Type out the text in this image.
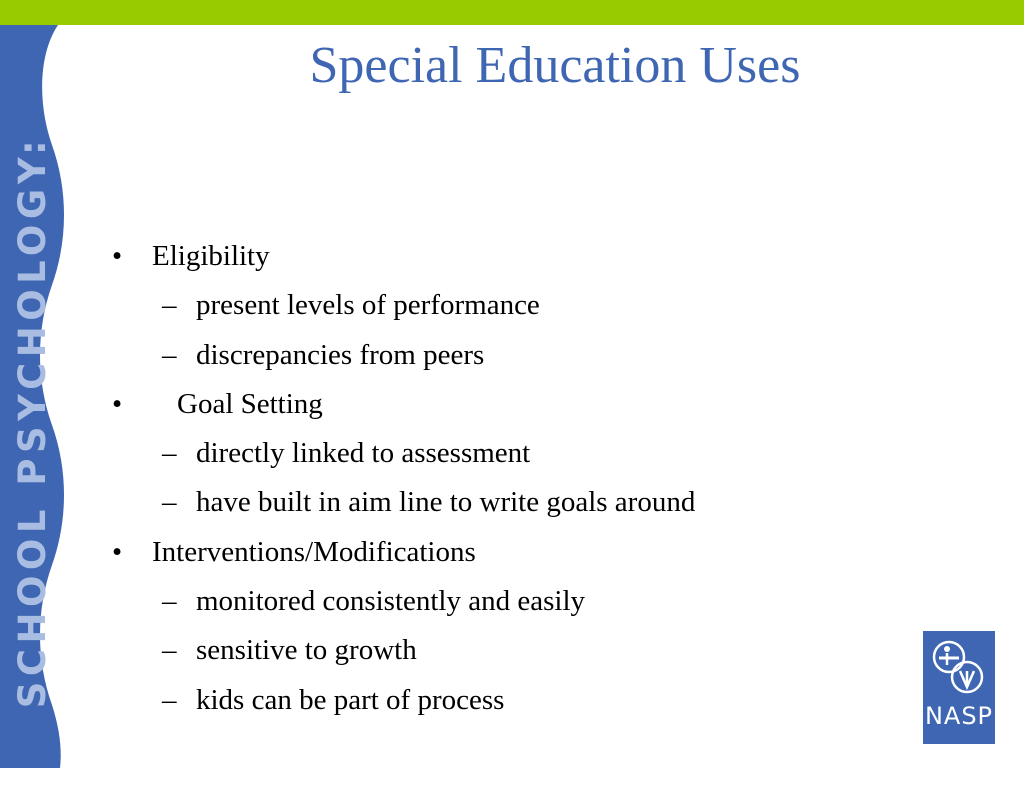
SCHOOL PSYCHOLOGY:
Special Education Uses
• Eligibility
– present levels of performance
– discrepancies from peers
• Goal Setting
– directly linked to assessment
– have built in aim line to write goals around
• Interventions/Modifications
– monitored consistently and easily
– sensitive to growth
– kids can be part of process
NASP
